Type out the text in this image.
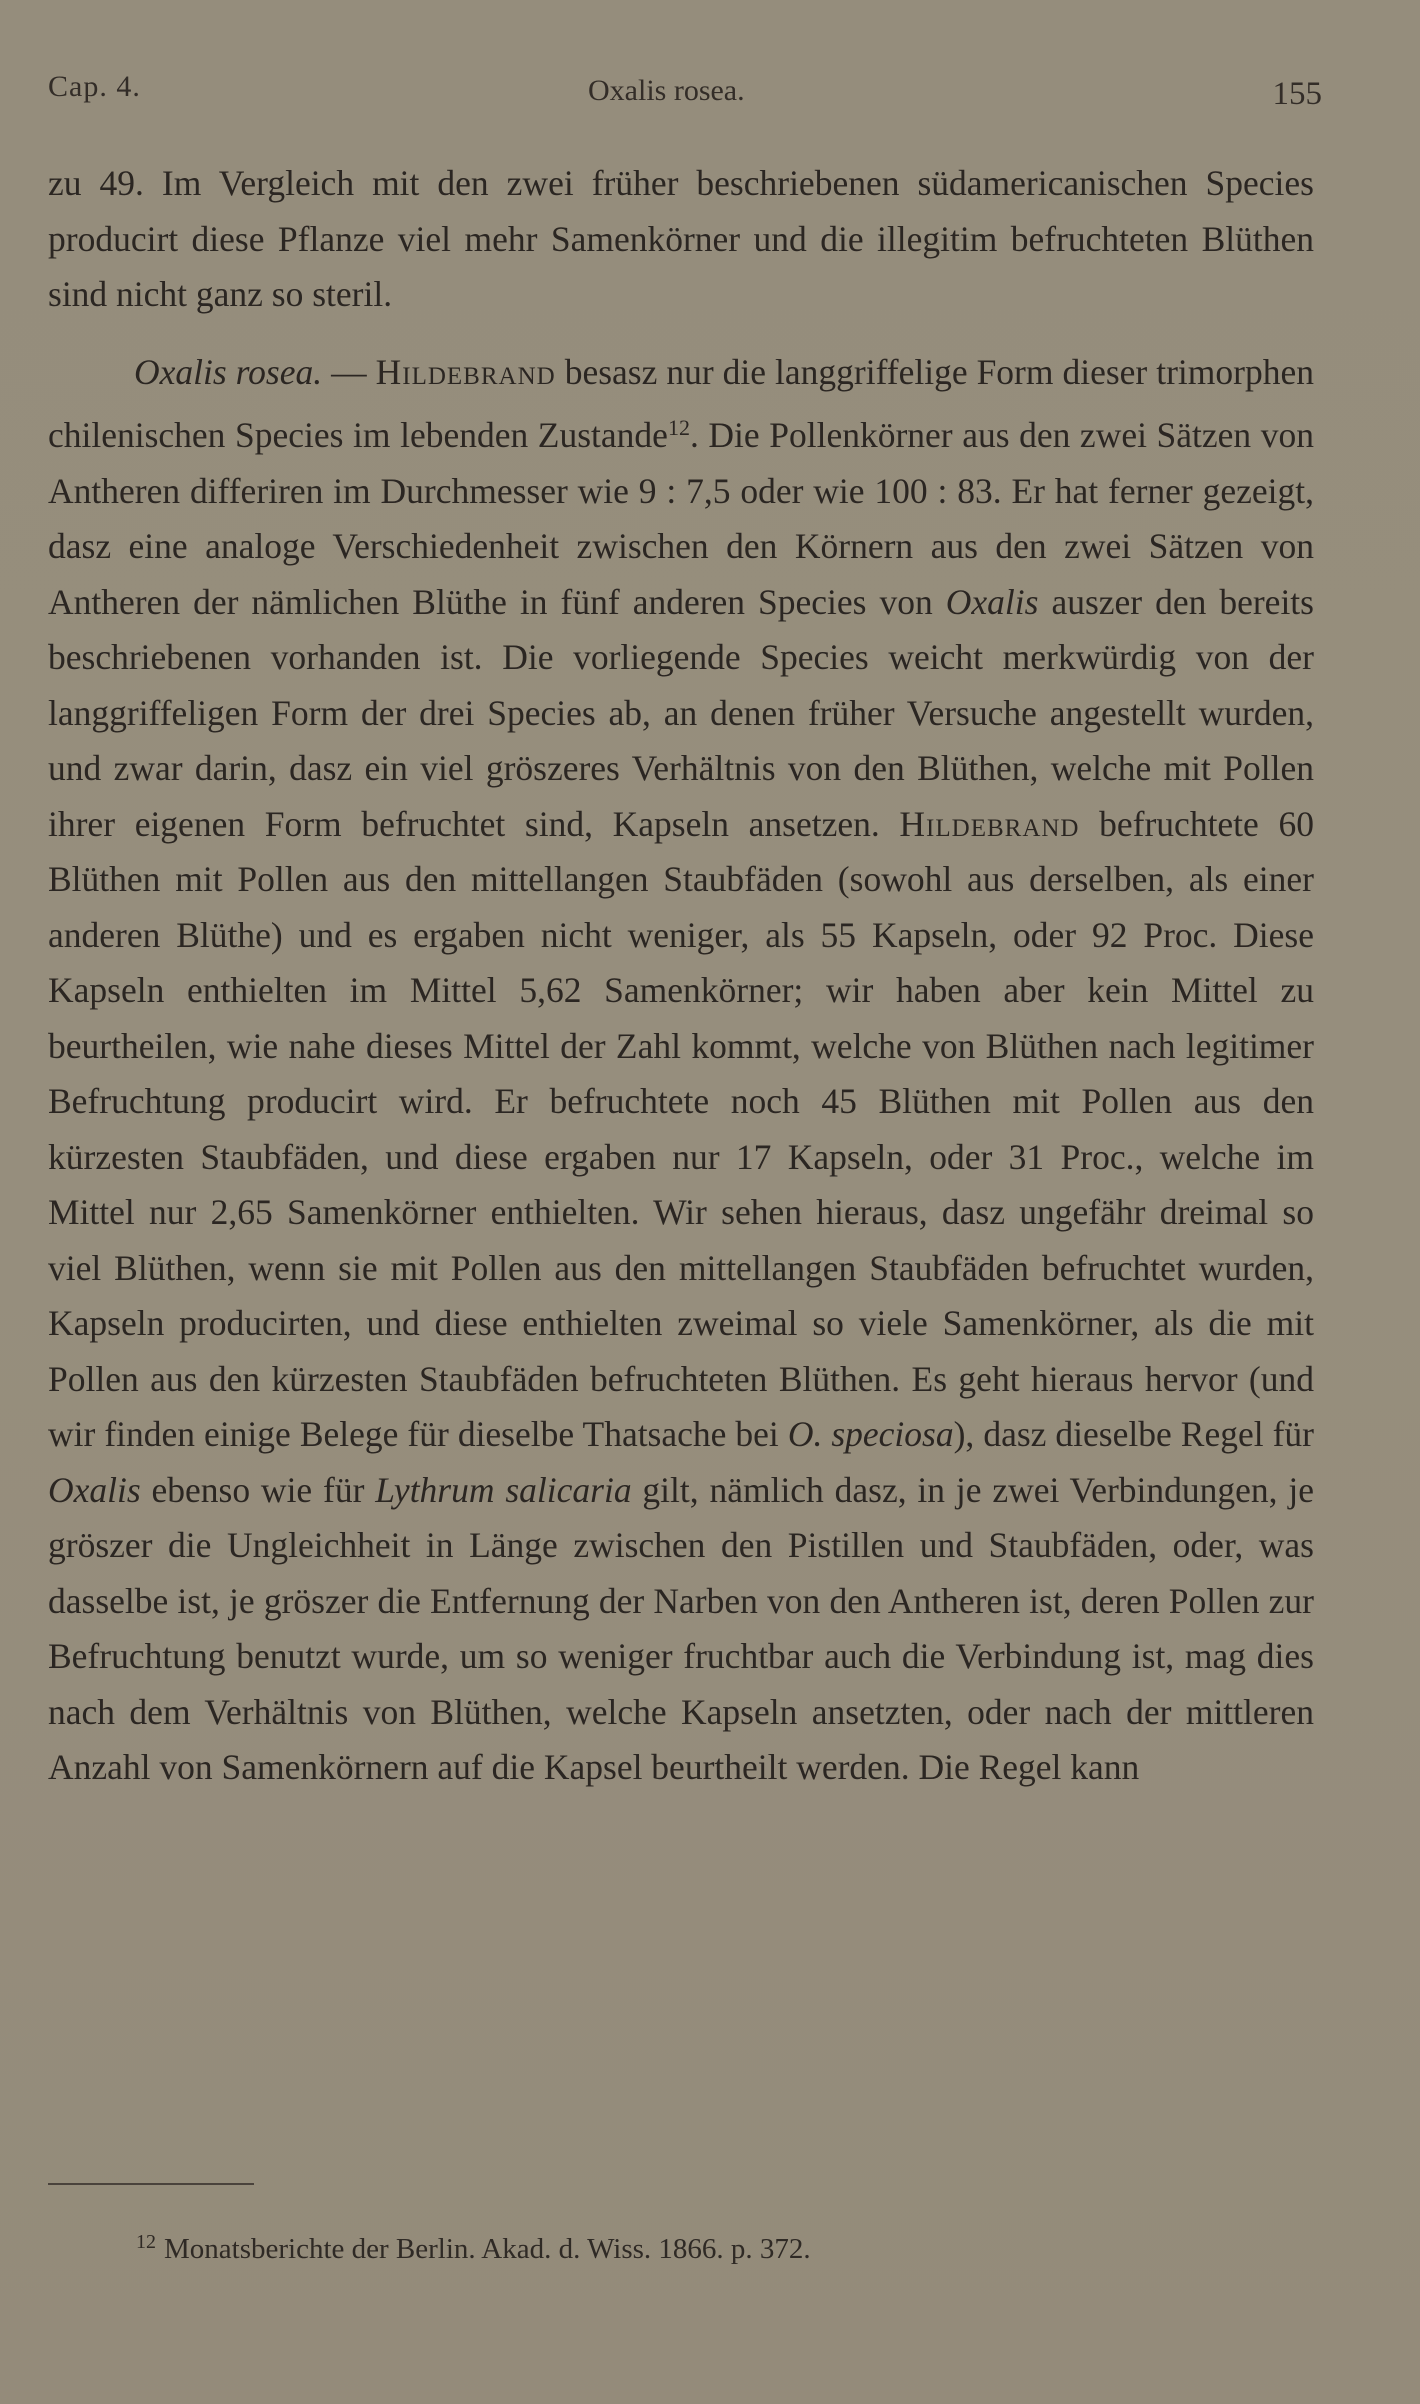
Cap. 4.	Oxalis rosea.	155

zu 49. Im Vergleich mit den zwei früher beschriebenen südamericanischen Species producirt diese Pflanze viel mehr Samenkörner und die illegitim befruchteten Blüthen sind nicht ganz so steril.

Oxalis rosea. — Hildebrand besasz nur die langgriffelige Form dieser trimorphen chilenischen Species im lebenden Zustande$^{12}$. Die Pollenkörner aus den zwei Sätzen von Antheren differiren im Durchmesser wie 9 : 7,5 oder wie 100 : 83. Er hat ferner gezeigt, dasz eine analoge Verschiedenheit zwischen den Körnern aus den zwei Sätzen von Antheren der nämlichen Blüthe in fünf anderen Species von Oxalis auszer den bereits beschriebenen vorhanden ist. Die vorliegende Species weicht merkwürdig von der langgriffeligen Form der drei Species ab, an denen früher Versuche angestellt wurden, und zwar darin, dasz ein viel gröszeres Verhältnis von den Blüthen, welche mit Pollen ihrer eigenen Form befruchtet sind, Kapseln ansetzen. Hildebrand befruchtete 60 Blüthen mit Pollen aus den mittellangen Staubfäden (sowohl aus derselben, als einer anderen Blüthe) und es ergaben nicht weniger, als 55 Kapseln, oder 92 Proc. Diese Kapseln enthielten im Mittel 5,62 Samenkörner; wir haben aber kein Mittel zu beurtheilen, wie nahe dieses Mittel der Zahl kommt, welche von Blüthen nach legitimer Befruchtung producirt wird. Er befruchtete noch 45 Blüthen mit Pollen aus den kürzesten Staubfäden, und diese ergaben nur 17 Kapseln, oder 31 Proc., welche im Mittel nur 2,65 Samenkörner enthielten. Wir sehen hieraus, dasz ungefähr dreimal so viel Blüthen, wenn sie mit Pollen aus den mittellangen Staubfäden befruchtet wurden, Kapseln producirten, und diese enthielten zweimal so viele Samenkörner, als die mit Pollen aus den kürzesten Staubfäden befruchteten Blüthen. Es geht hieraus hervor (und wir finden einige Belege für dieselbe Thatsache bei O. speciosa), dasz dieselbe Regel für Oxalis ebenso wie für Lythrum salicaria gilt, nämlich dasz, in je zwei Verbindungen, je gröszer die Ungleichheit in Länge zwischen den Pistillen und Staubfäden, oder, was dasselbe ist, je gröszer die Entfernung der Narben von den Antheren ist, deren Pollen zur Befruchtung benutzt wurde, um so weniger fruchtbar auch die Verbindung ist, mag dies nach dem Verhältnis von Blüthen, welche Kapseln ansetzten, oder nach der mittleren Anzahl von Samenkörnern auf die Kapsel beurtheilt werden. Die Regel kann

$^{12}$ Monatsberichte der Berlin. Akad. d. Wiss. 1866. p. 372.
